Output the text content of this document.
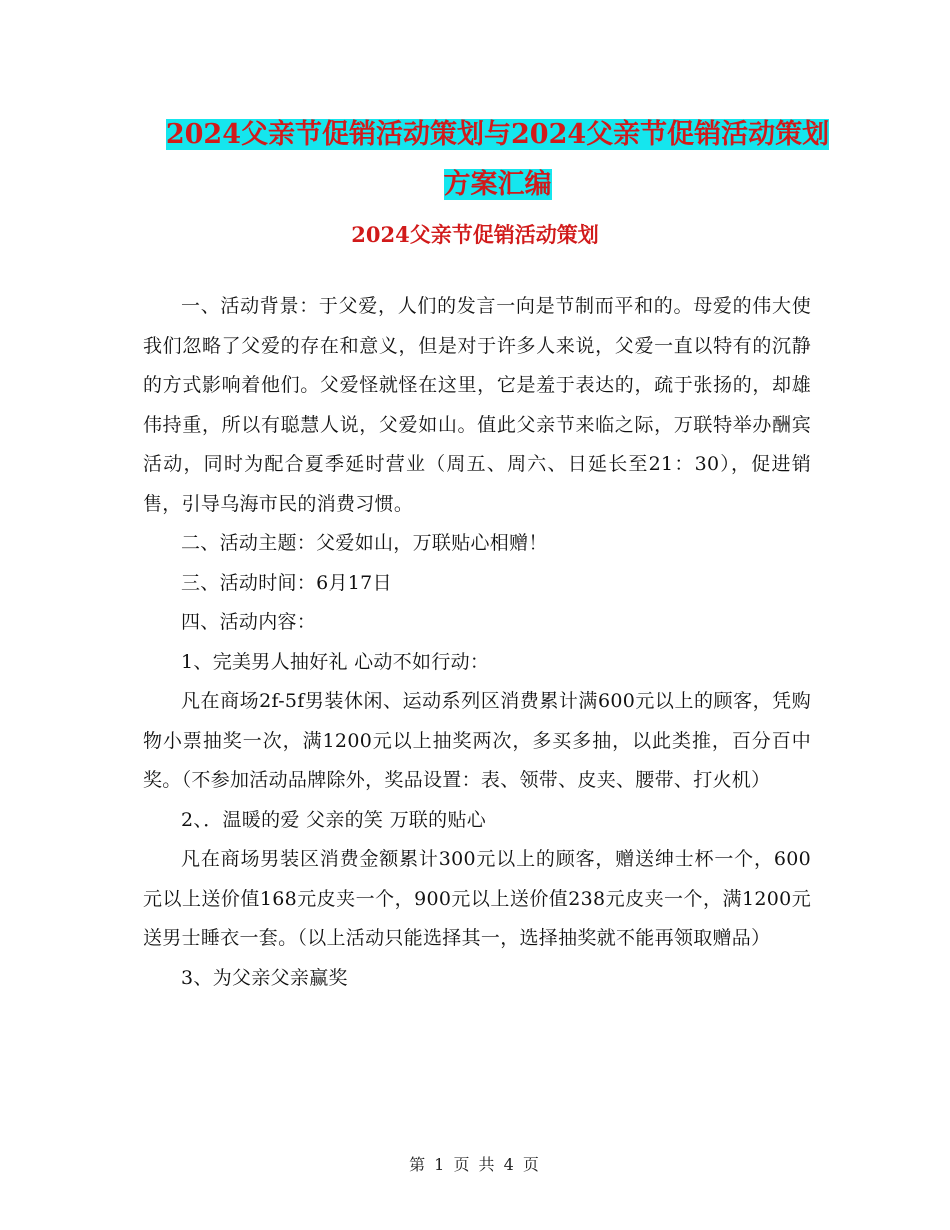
2024父亲节促销活动策划与2024父亲节促销活动策划
方案汇编
2024父亲节促销活动策划

一、活动背景：于父爱，人们的发言一向是节制而平和的。母爱的伟大使我们忽略了父爱的存在和意义，但是对于许多人来说，父爱一直以特有的沉静的方式影响着他们。父爱怪就怪在这里，它是羞于表达的，疏于张扬的，却雄伟持重，所以有聪慧人说，父爱如山。值此父亲节来临之际，万联特举办酬宾活动，同时为配合夏季延时营业（周五、周六、日延长至21：30），促进销售，引导乌海市民的消费习惯。

二、活动主题：父爱如山，万联贴心相赠！

三、活动时间：6月17日

四、活动内容：

1、完美男人抽好礼 心动不如行动：

凡在商场2f-5f男装休闲、运动系列区消费累计满600元以上的顾客，凭购物小票抽奖一次，满1200元以上抽奖两次，多买多抽，以此类推，百分百中奖。（不参加活动品牌除外，奖品设置：表、领带、皮夹、腰带、打火机）

2、．温暖的爱 父亲的笑 万联的贴心

凡在商场男装区消费金额累计300元以上的顾客，赠送绅士杯一个，600元以上送价值168元皮夹一个，900元以上送价值238元皮夹一个，满1200元送男士睡衣一套。（以上活动只能选择其一，选择抽奖就不能再领取赠品）

3、为父亲父亲赢奖

第 1 页 共 4 页
